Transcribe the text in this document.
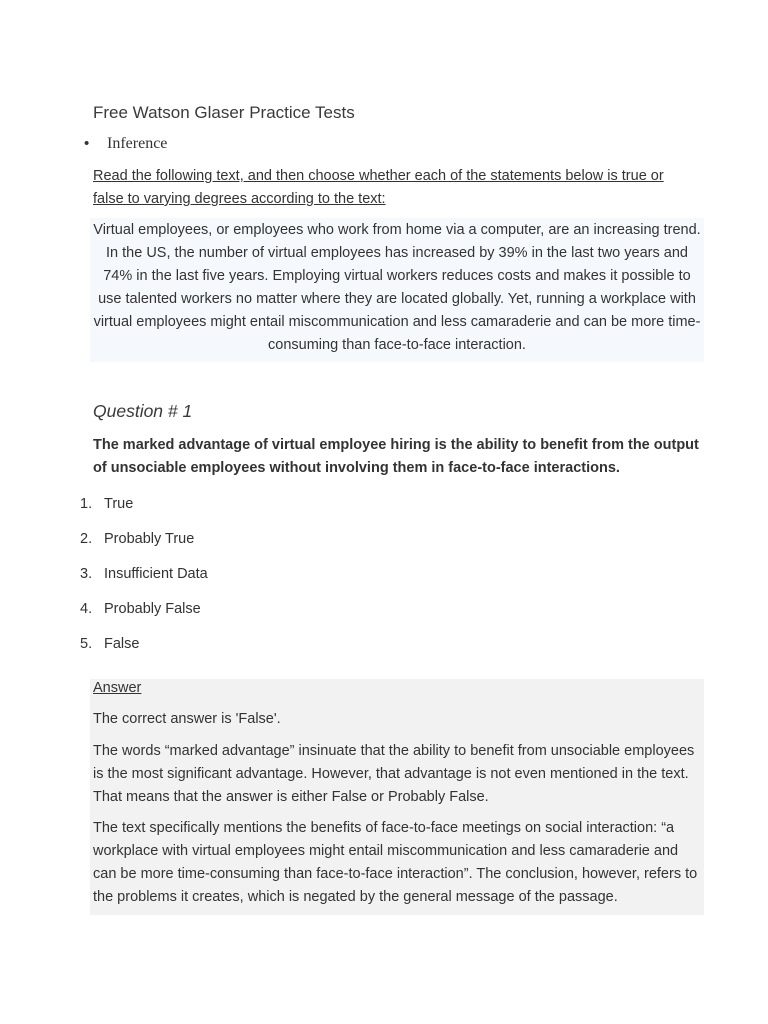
Free Watson Glaser Practice Tests
• Inference
Read the following text, and then choose whether each of the statements below is true or false to varying degrees according to the text:
Virtual employees, or employees who work from home via a computer, are an increasing trend. In the US, the number of virtual employees has increased by 39% in the last two years and 74% in the last five years. Employing virtual workers reduces costs and makes it possible to use talented workers no matter where they are located globally. Yet, running a workplace with virtual employees might entail miscommunication and less camaraderie and can be more time-consuming than face-to-face interaction.
Question # 1
The marked advantage of virtual employee hiring is the ability to benefit from the output of unsociable employees without involving them in face-to-face interactions.
1. True
2. Probably True
3. Insufficient Data
4. Probably False
5. False
Answer
The correct answer is 'False'.
The words “marked advantage” insinuate that the ability to benefit from unsociable employees is the most significant advantage. However, that advantage is not even mentioned in the text. That means that the answer is either False or Probably False.
The text specifically mentions the benefits of face-to-face meetings on social interaction: “a workplace with virtual employees might entail miscommunication and less camaraderie and can be more time-consuming than face-to-face interaction”. The conclusion, however, refers to the problems it creates, which is negated by the general message of the passage.
